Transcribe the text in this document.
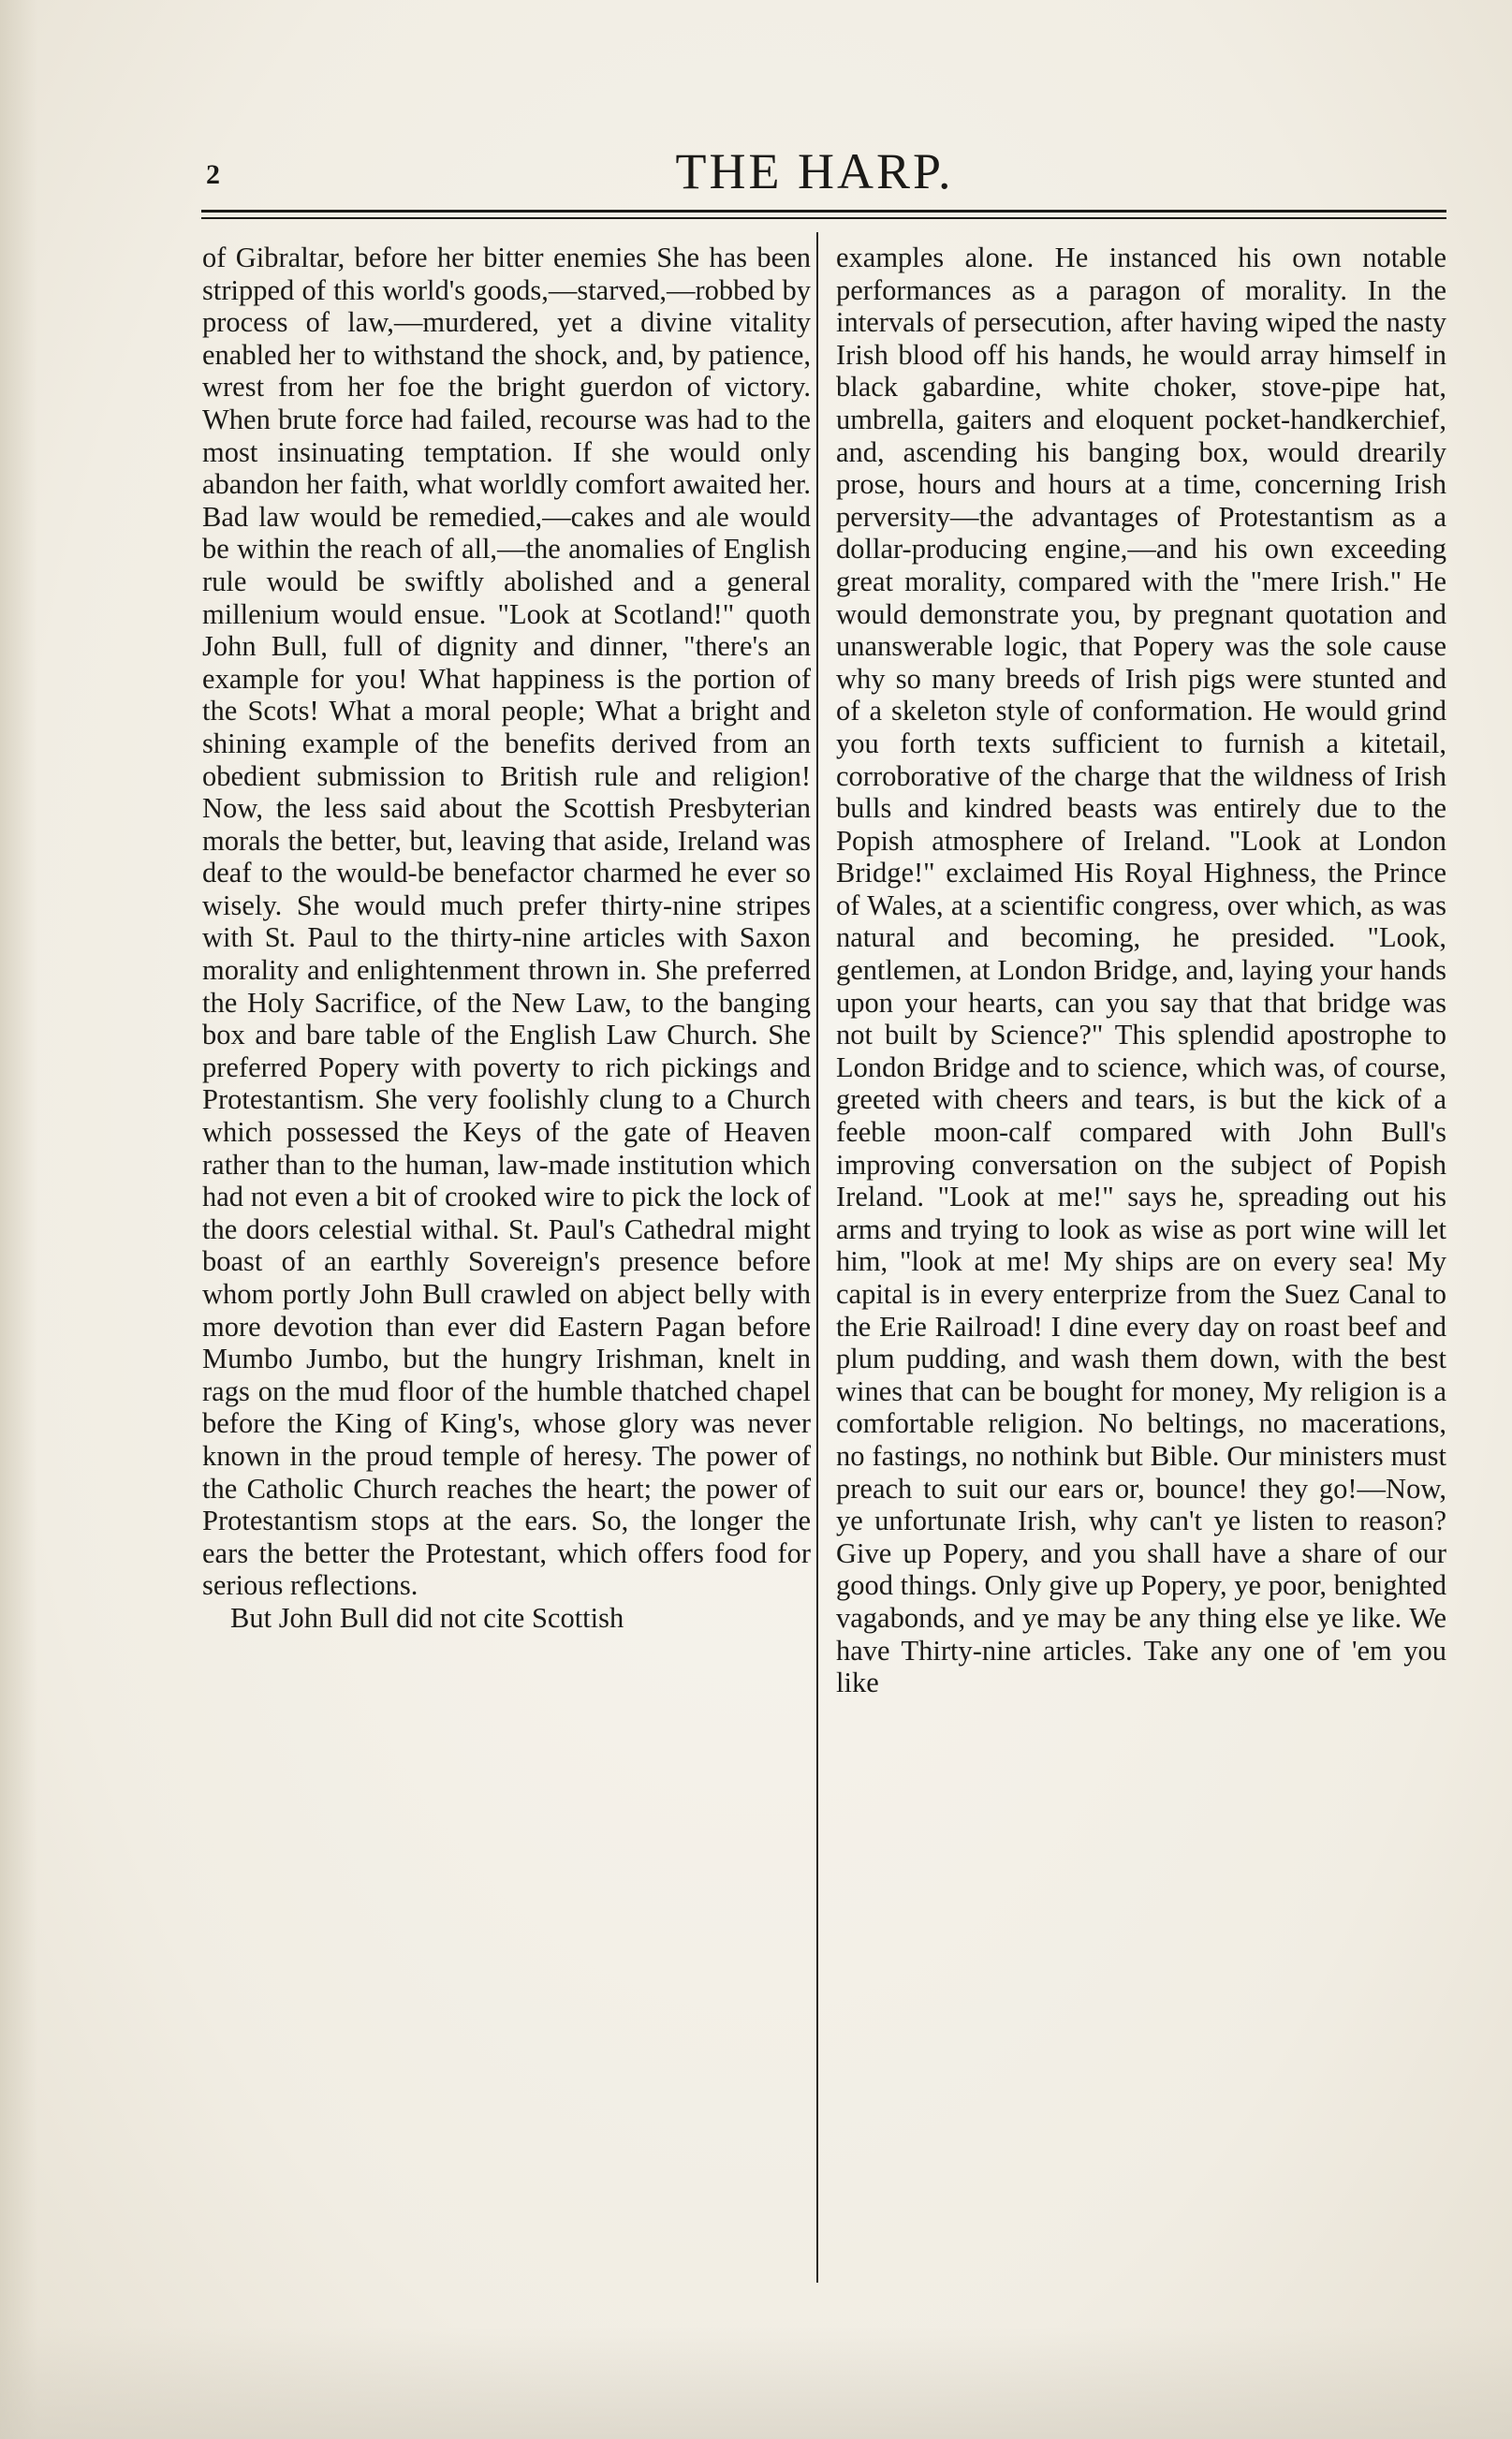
2	THE HARP.

of Gibraltar, before her bitter enemies She has been stripped of this world's goods,—starved,—robbed by process of law,—murdered, yet a divine vitality enabled her to withstand the shock, and, by patience, wrest from her foe the bright guerdon of victory. When brute force had failed, recourse was had to the most insinuating temptation. If she would only abandon her faith, what worldly comfort awaited her. Bad law would be remedied,—cakes and ale would be within the reach of all,—the anomalies of English rule would be swiftly abolished and a general millenium would ensue. "Look at Scotland!" quoth John Bull, full of dignity and dinner, "there's an example for you! What happiness is the portion of the Scots! What a moral people; What a bright and shining example of the benefits derived from an obedient submission to British rule and religion! Now, the less said about the Scottish Presbyterian morals the better, but, leaving that aside, Ireland was deaf to the would-be benefactor charmed he ever so wisely. She would much prefer thirty-nine stripes with St. Paul to the thirty-nine articles with Saxon morality and enlightenment thrown in. She preferred the Holy Sacrifice, of the New Law, to the banging box and bare table of the English Law Church. She preferred Popery with poverty to rich pickings and Protestantism. She very foolishly clung to a Church which possessed the Keys of the gate of Heaven rather than to the human, law-made institution which had not even a bit of crooked wire to pick the lock of the doors celestial withal. St. Paul's Cathedral might boast of an earthly Sovereign's presence before whom portly John Bull crawled on abject belly with more devotion than ever did Eastern Pagan before Mumbo Jumbo, but the hungry Irishman, knelt in rags on the mud floor of the humble thatched chapel before the King of King's, whose glory was never known in the proud temple of heresy. The power of the Catholic Church reaches the heart; the power of Protestantism stops at the ears. So, the longer the ears the better the Protestant, which offers food for serious reflections.

But John Bull did not cite Scottish

examples alone. He instanced his own notable performances as a paragon of morality. In the intervals of persecution, after having wiped the nasty Irish blood off his hands, he would array himself in black gabardine, white choker, stove-pipe hat, umbrella, gaiters and eloquent pocket-handkerchief, and, ascending his banging box, would drearily prose, hours and hours at a time, concerning Irish perversity—the advantages of Protestantism as a dollar-producing engine,—and his own exceeding great morality, compared with the "mere Irish." He would demonstrate you, by pregnant quotation and unanswerable logic, that Popery was the sole cause why so many breeds of Irish pigs were stunted and of a skeleton style of conformation. He would grind you forth texts sufficient to furnish a kitetail, corroborative of the charge that the wildness of Irish bulls and kindred beasts was entirely due to the Popish atmosphere of Ireland. "Look at London Bridge!" exclaimed His Royal Highness, the Prince of Wales, at a scientific congress, over which, as was natural and becoming, he presided. "Look, gentlemen, at London Bridge, and, laying your hands upon your hearts, can you say that that bridge was not built by Science?" This splendid apostrophe to London Bridge and to science, which was, of course, greeted with cheers and tears, is but the kick of a feeble moon-calf compared with John Bull's improving conversation on the subject of Popish Ireland. "Look at me!" says he, spreading out his arms and trying to look as wise as port wine will let him, "look at me! My ships are on every sea! My capital is in every enterprize from the Suez Canal to the Erie Railroad! I dine every day on roast beef and plum pudding, and wash them down, with the best wines that can be bought for money, My religion is a comfortable religion. No beltings, no macerations, no fastings, no nothink but Bible. Our ministers must preach to suit our ears or, bounce! they go!—Now, ye unfortunate Irish, why can't ye listen to reason? Give up Popery, and you shall have a share of our good things. Only give up Popery, ye poor, benighted vagabonds, and ye may be any thing else ye like. We have Thirty-nine articles. Take any one of 'em you like
